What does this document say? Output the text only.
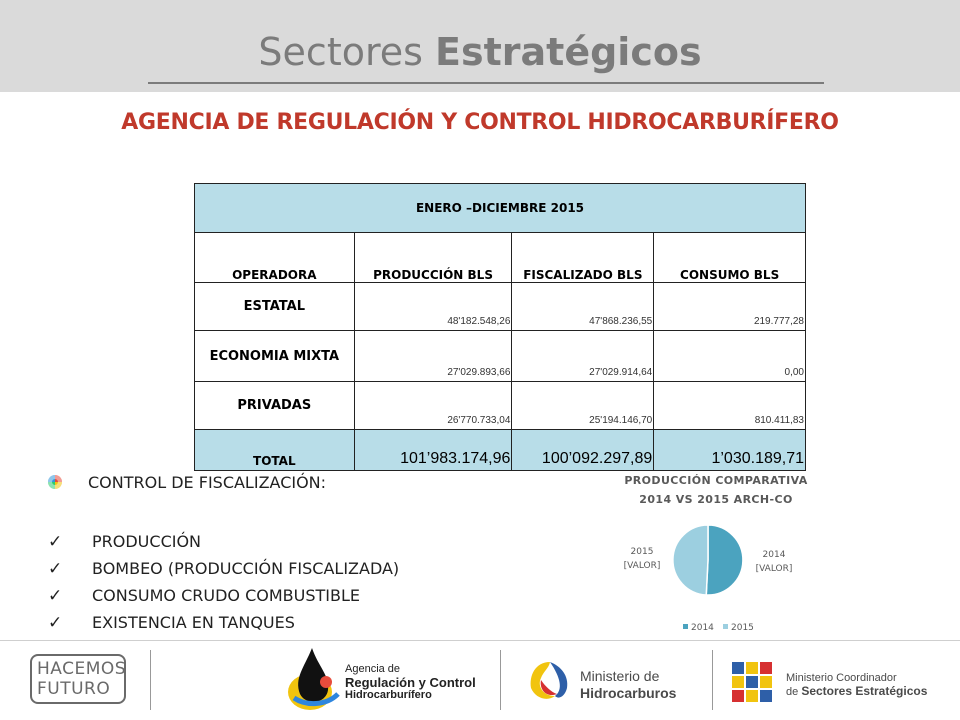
Sectores Estratégicos
AGENCIA DE REGULACIÓN Y CONTROL HIDROCARBURÍFERO
ENERO –DICIEMBRE 2015			
OPERADORA	PRODUCCIÓN BLS	FISCALIZADO BLS	CONSUMO BLS
ESTATAL	48'182.548,26	47'868.236,55	219.777,28
ECONOMIA MIXTA	27'029.893,66	27'029.914,64	0,00
PRIVADAS	26'770.733,04	25'194.146,70	810.411,83
TOTAL	101’983.174,96	100’092.297,89	1’030.189,71
CONTROL DE FISCALIZACIÓN:
✓ PRODUCCIÓN
✓ BOMBEO (PRODUCCIÓN FISCALIZADA)
✓ CONSUMO CRUDO COMBUSTIBLE
✓ EXISTENCIA EN TANQUES
PRODUCCIÓN COMPARATIVA
2014 VS 2015 ARCH-CO
2015
[VALOR]
2014
[VALOR]
2014 2015
HACEMOS
FUTURO
Agencia de
Regulación y Control
Hidrocarburífero
Ministerio de
Hidrocarburos
Ministerio Coordinador
de Sectores Estratégicos
